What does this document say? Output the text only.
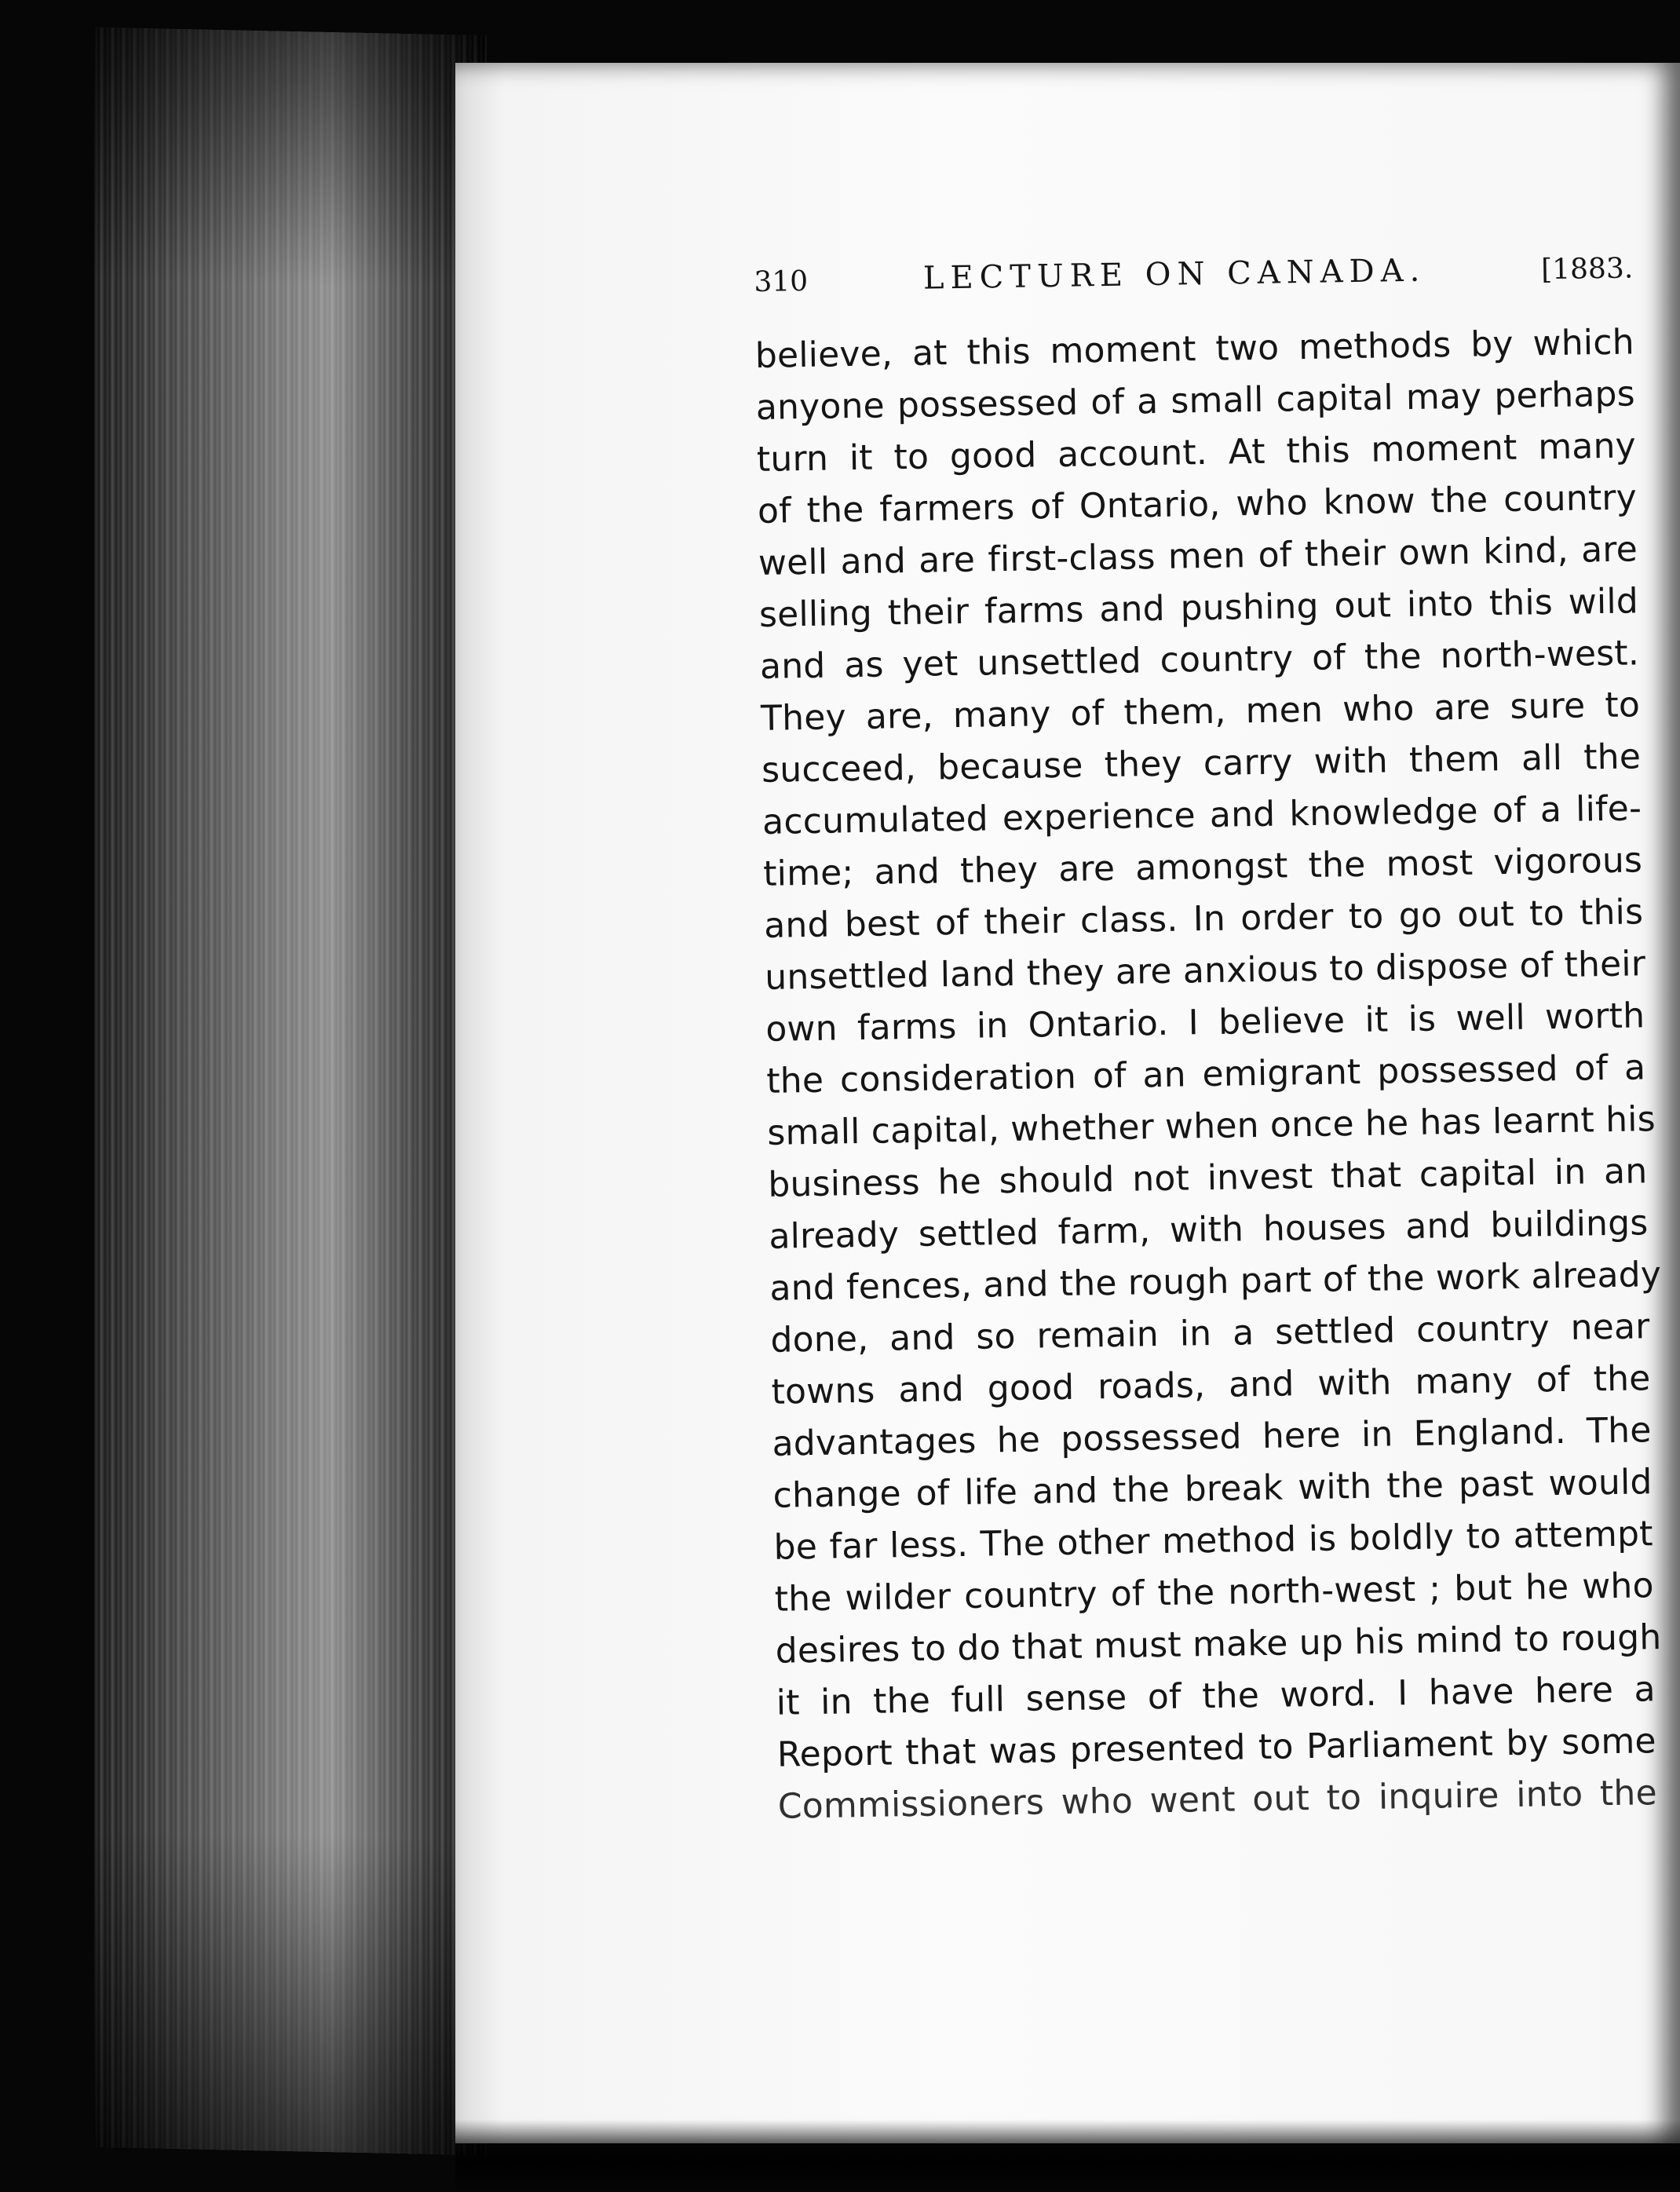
310	LECTURE ON CANADA.	[1883.
believe, at this moment two methods by which
anyone possessed of a small capital may perhaps
turn it to good account. At this moment many
of the farmers of Ontario, who know the country
well and are first-class men of their own kind, are
selling their farms and pushing out into this wild
and as yet unsettled country of the north-west.
They are, many of them, men who are sure to
succeed, because they carry with them all the
accumulated experience and knowledge of a life-
time; and they are amongst the most vigorous
and best of their class. In order to go out to this
unsettled land they are anxious to dispose of their
own farms in Ontario. I believe it is well worth
the consideration of an emigrant possessed of a
small capital, whether when once he has learnt his
business he should not invest that capital in an
already settled farm, with houses and buildings
and fences, and the rough part of the work already
done, and so remain in a settled country near
towns and good roads, and with many of the
advantages he possessed here in England. The
change of life and the break with the past would
be far less. The other method is boldly to attempt
the wilder country of the north-west ; but he who
desires to do that must make up his mind to rough
it in the full sense of the word. I have here a
Report that was presented to Parliament by some
Commissioners who went out to inquire into the
